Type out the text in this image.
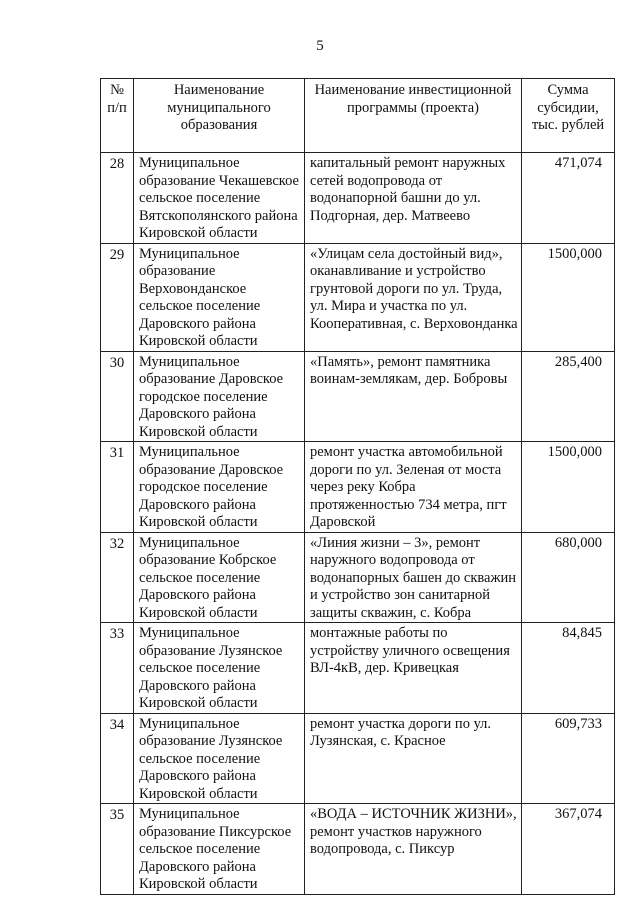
5
№ п/п	Наименование муниципального образования	Наименование инвестиционной программы (проекта)	Сумма субсидии, тыс. рублей
28	Муниципальное образование Чекашевское сельское поселение Вятскополянского района Кировской области	капитальный ремонт наружных сетей водопровода от водонапорной башни до ул. Подгорная, дер. Матвеево	471,074
29	Муниципальное образование Верховонданское сельское поселение Даровского района Кировской области	«Улицам села достойный вид», оканавливание и устройство грунтовой дороги по ул. Труда, ул. Мира и участка по ул. Кооперативная, с. Верховонданка	1500,000
30	Муниципальное образование Даровское городское поселение Даровского района Кировской области	«Память», ремонт памятника воинам-землякам, дер. Бобровы	285,400
31	Муниципальное образование Даровское городское поселение Даровского района Кировской области	ремонт участка автомобильной дороги по ул. Зеленая от моста через реку Кобра протяженностью 734 метра, пгт Даровской	1500,000
32	Муниципальное образование Кобрское сельское поселение Даровского района Кировской области	«Линия жизни – 3», ремонт наружного водопровода от водонапорных башен до скважин и устройство зон санитарной защиты скважин, с. Кобра	680,000
33	Муниципальное образование Лузянское сельское поселение Даровского района Кировской области	монтажные работы по устройству уличного освещения ВЛ-4кВ, дер. Кривецкая	84,845
34	Муниципальное образование Лузянское сельское поселение Даровского района Кировской области	ремонт участка дороги по ул. Лузянская, с. Красное	609,733
35	Муниципальное образование Пиксурское сельское поселение Даровского района Кировской области	«ВОДА – ИСТОЧНИК ЖИЗНИ», ремонт участков наружного водопровода, с. Пиксур	367,074
